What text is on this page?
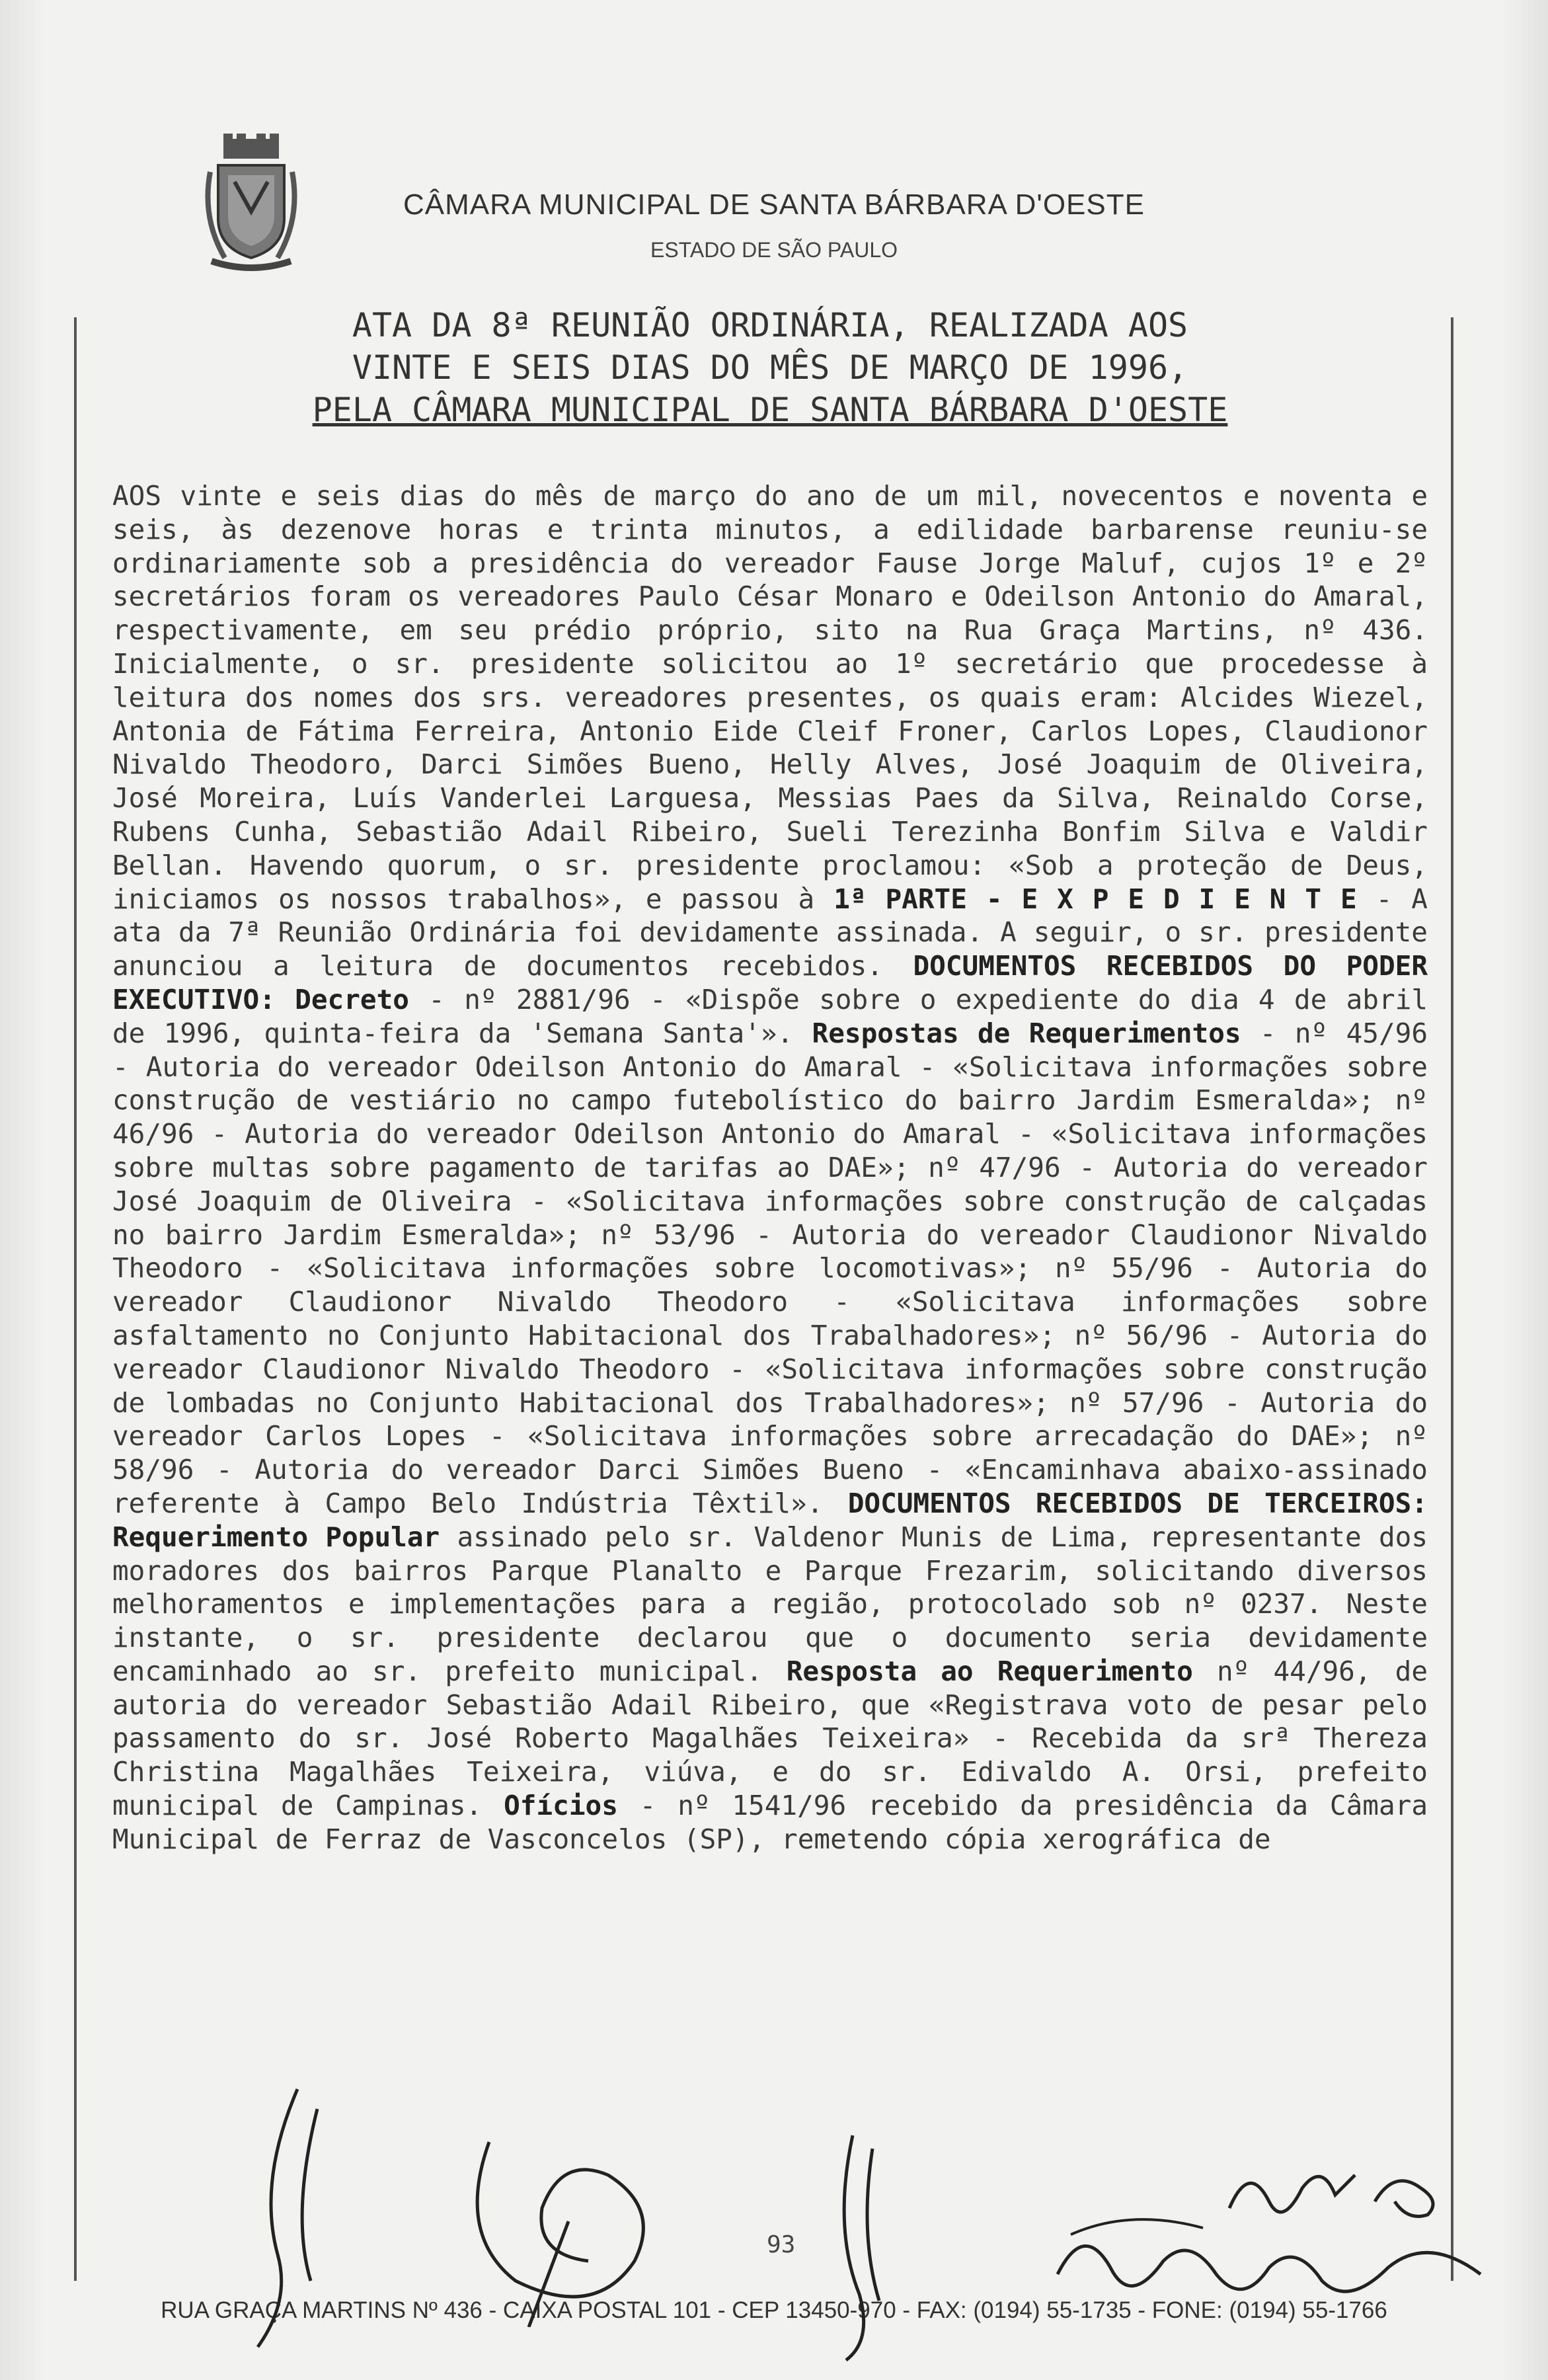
CÂMARA MUNICIPAL DE SANTA BÁRBARA D'OESTE
ESTADO DE SÃO PAULO
ATA DA 8ª REUNIÃO ORDINÁRIA, REALIZADA AOS
VINTE E SEIS DIAS DO MÊS DE MARÇO DE 1996,
PELA CÂMARA MUNICIPAL DE SANTA BÁRBARA D'OESTE
AOS vinte e seis dias do mês de março do ano de um mil, novecentos e noventa e seis, às dezenove horas e trinta minutos, a edilidade barbarense reuniu-se ordinariamente sob a presidência do vereador Fause Jorge Maluf, cujos 1º e 2º secretários foram os vereadores Paulo César Monaro e Odeilson Antonio do Amaral, respectivamente, em seu prédio próprio, sito na Rua Graça Martins, nº 436. Inicialmente, o sr. presidente solicitou ao 1º secretário que procedesse à leitura dos nomes dos srs. vereadores presentes, os quais eram: Alcides Wiezel, Antonia de Fátima Ferreira, Antonio Eide Cleif Froner, Carlos Lopes, Claudionor Nivaldo Theodoro, Darci Simões Bueno, Helly Alves, José Joaquim de Oliveira, José Moreira, Luís Vanderlei Larguesa, Messias Paes da Silva, Reinaldo Corse, Rubens Cunha, Sebastião Adail Ribeiro, Sueli Terezinha Bonfim Silva e Valdir Bellan. Havendo quorum, o sr. presidente proclamou: «Sob a proteção de Deus, iniciamos os nossos trabalhos», e passou à 1ª PARTE - E X P E D I E N T E - A ata da 7ª Reunião Ordinária foi devidamente assinada. A seguir, o sr. presidente anunciou a leitura de documentos recebidos. DOCUMENTOS RECEBIDOS DO PODER EXECUTIVO: Decreto - nº 2881/96 - «Dispõe sobre o expediente do dia 4 de abril de 1996, quinta-feira da 'Semana Santa'». Respostas de Requerimentos - nº 45/96 - Autoria do vereador Odeilson Antonio do Amaral - «Solicitava informações sobre construção de vestiário no campo futebolístico do bairro Jardim Esmeralda»; nº 46/96 - Autoria do vereador Odeilson Antonio do Amaral - «Solicitava informações sobre multas sobre pagamento de tarifas ao DAE»; nº 47/96 - Autoria do vereador José Joaquim de Oliveira - «Solicitava informações sobre construção de calçadas no bairro Jardim Esmeralda»; nº 53/96 - Autoria do vereador Claudionor Nivaldo Theodoro - «Solicitava informações sobre locomotivas»; nº 55/96 - Autoria do vereador Claudionor Nivaldo Theodoro - «Solicitava informações sobre asfaltamento no Conjunto Habitacional dos Trabalhadores»; nº 56/96 - Autoria do vereador Claudionor Nivaldo Theodoro - «Solicitava informações sobre construção de lombadas no Conjunto Habitacional dos Trabalhadores»; nº 57/96 - Autoria do vereador Carlos Lopes - «Solicitava informações sobre arrecadação do DAE»; nº 58/96 - Autoria do vereador Darci Simões Bueno - «Encaminhava abaixo-assinado referente à Campo Belo Indústria Têxtil». DOCUMENTOS RECEBIDOS DE TERCEIROS: Requerimento Popular assinado pelo sr. Valdenor Munis de Lima, representante dos moradores dos bairros Parque Planalto e Parque Frezarim, solicitando diversos melhoramentos e implementações para a região, protocolado sob nº 0237. Neste instante, o sr. presidente declarou que o documento seria devidamente encaminhado ao sr. prefeito municipal. Resposta ao Requerimento nº 44/96, de autoria do vereador Sebastião Adail Ribeiro, que «Registrava voto de pesar pelo passamento do sr. José Roberto Magalhães Teixeira» - Recebida da srª Thereza Christina Magalhães Teixeira, viúva, e do sr. Edivaldo A. Orsi, prefeito municipal de Campinas. Ofícios - nº 1541/96 recebido da presidência da Câmara Municipal de Ferraz de Vasconcelos (SP), remetendo cópia xerográfica de
93
RUA GRAÇA MARTINS Nº 436 - CAIXA POSTAL 101 - CEP 13450-970 - FAX: (0194) 55-1735 - FONE: (0194) 55-1766
